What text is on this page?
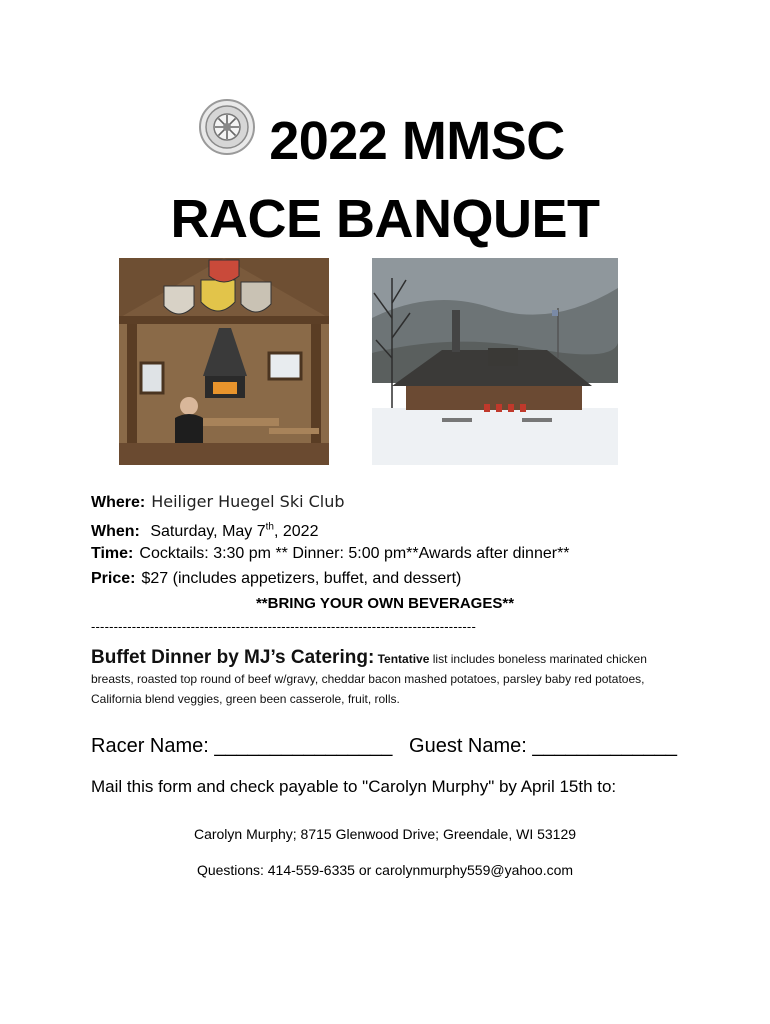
2022 MMSC
RACE BANQUET
Where: Heiliger Huegel Ski Club
When: Saturday, May 7th, 2022
Time: Cocktails: 3:30 pm ** Dinner: 5:00 pm**Awards after dinner**
Price: $27 (includes appetizers, buffet, and dessert)
**BRING YOUR OWN BEVERAGES**
-------------------------------------------------------------------------------------
Buffet Dinner by MJ’s Catering: Tentative list includes boneless marinated chicken breasts, roasted top round of beef w/gravy, cheddar bacon mashed potatoes, parsley baby red potatoes, California blend veggies, green been casserole, fruit, rolls.
Racer Name: ________________ Guest Name: _____________
Mail this form and check payable to "Carolyn Murphy" by April 15th to:
Carolyn Murphy; 8715 Glenwood Drive; Greendale, WI 53129
Questions: 414-559-6335 or carolynmurphy559@yahoo.com
